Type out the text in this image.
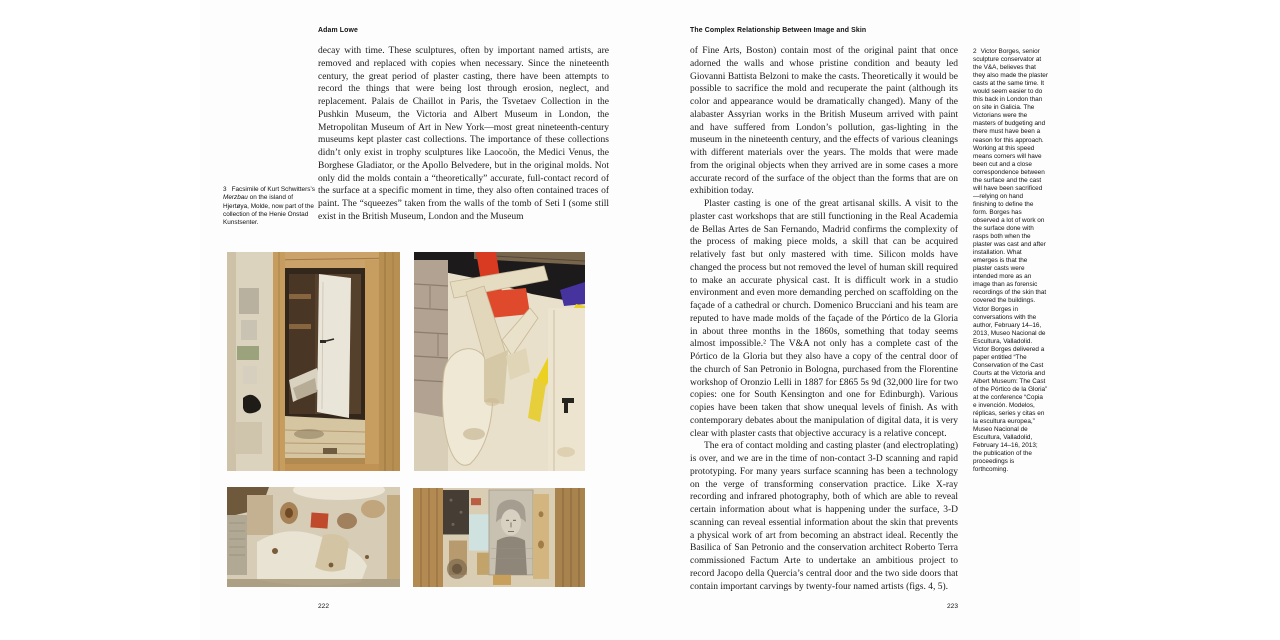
Adam Lowe

decay with time. These sculptures, often by important named artists, are removed and replaced with copies when necessary. Since the nineteenth century, the great period of plaster casting, there have been attempts to record the things that were being lost through erosion, neglect, and replacement. Palais de Chaillot in Paris, the Tsvetaev Collection in the Pushkin Museum, the Victoria and Albert Museum in London, the Metropolitan Museum of Art in New York—most great nineteenth-century museums kept plaster cast collections. The importance of these collections didn’t only exist in trophy sculptures like Laocoön, the Medici Venus, the Borghese Gladiator, or the Apollo Belvedere, but in the original molds. Not only did the molds contain a “theoretically” accurate, full-contact record of the surface at a specific moment in time, they also often contained traces of paint. The “squeezes” taken from the walls of the tomb of Seti I (some still exist in the British Museum, London and the Museum

3 Facsimile of Kurt Schwitters’s Merzbau on the island of Hjertøya, Molde, now part of the collection of the Henie Onstad Kunstsenter.
222
The Complex Relationship Between Image and Skin

of Fine Arts, Boston) contain most of the original paint that once adorned the walls and whose pristine condition and beauty led Giovanni Battista Belzoni to make the casts. Theoretically it would be possible to sacrifice the mold and recuperate the paint (although its color and appearance would be dramatically changed). Many of the alabaster Assyrian works in the British Museum arrived with paint and have suffered from London’s pollution, gas-lighting in the museum in the nineteenth century, and the effects of various cleanings with different materials over the years. The molds that were made from the original objects when they arrived are in some cases a more accurate record of the surface of the object than the forms that are on exhibition today.

Plaster casting is one of the great artisanal skills. A visit to the plaster cast workshops that are still functioning in the Real Academia de Bellas Artes de San Fernando, Madrid confirms the complexity of the process of making piece molds, a skill that can be acquired relatively fast but only mastered with time. Silicon molds have changed the process but not removed the level of human skill required to make an accurate physical cast. It is difficult work in a studio environment and even more demanding perched on scaffolding on the façade of a cathedral or church. Domenico Brucciani and his team are reputed to have made molds of the façade of the Pórtico de la Gloria in about three months in the 1860s, something that today seems almost impossible.² The V&A not only has a complete cast of the Pórtico de la Gloria but they also have a copy of the central door of the church of San Petronio in Bologna, purchased from the Florentine workshop of Oronzio Lelli in 1887 for £865 5s 9d (32,000 lire for two copies: one for South Kensington and one for Edinburgh). Various copies have been taken that show unequal levels of finish. As with contemporary debates about the manipulation of digital data, it is very clear with plaster casts that objective accuracy is a relative concept.

The era of contact molding and casting plaster (and electroplating) is over, and we are in the time of non-contact 3-D scanning and rapid prototyping. For many years surface scanning has been a technology on the verge of transforming conservation practice. Like X-ray recording and infrared photography, both of which are able to reveal certain information about what is happening under the surface, 3-D scanning can reveal essential information about the skin that prevents a physical work of art from becoming an abstract ideal. Recently the Basilica of San Petronio and the conservation architect Roberto Terra commissioned Factum Arte to undertake an ambitious project to record Jacopo della Quercia’s central door and the two side doors that contain important carvings by twenty-four named artists (figs. 4, 5).

2 Victor Borges, senior sculpture conservator at the V&A, believes that they also made the plaster casts at the same time. It would seem easier to do this back in London than on site in Galicia. The Victorians were the masters of budgeting and there must have been a reason for this approach. Working at this speed means corners will have been cut and a close correspondence between the surface and the cast will have been sacrificed—relying on hand finishing to define the form. Borges has observed a lot of work on the surface done with rasps both when the plaster was cast and after installation. What emerges is that the plaster casts were intended more as an image than as forensic recordings of the skin that covered the buildings. Victor Borges in conversations with the author, February 14–16, 2013, Museo Nacional de Escultura, Valladolid. Victor Borges delivered a paper entitled “The Conservation of the Cast Courts at the Victoria and Albert Museum: The Cast of the Pórtico de la Gloria” at the conference “Copia e invención. Modelos, réplicas, series y citas en la escultura europea,” Museo Nacional de Escultura, Valladolid, February 14–16, 2013; the publication of the proceedings is forthcoming.
223
